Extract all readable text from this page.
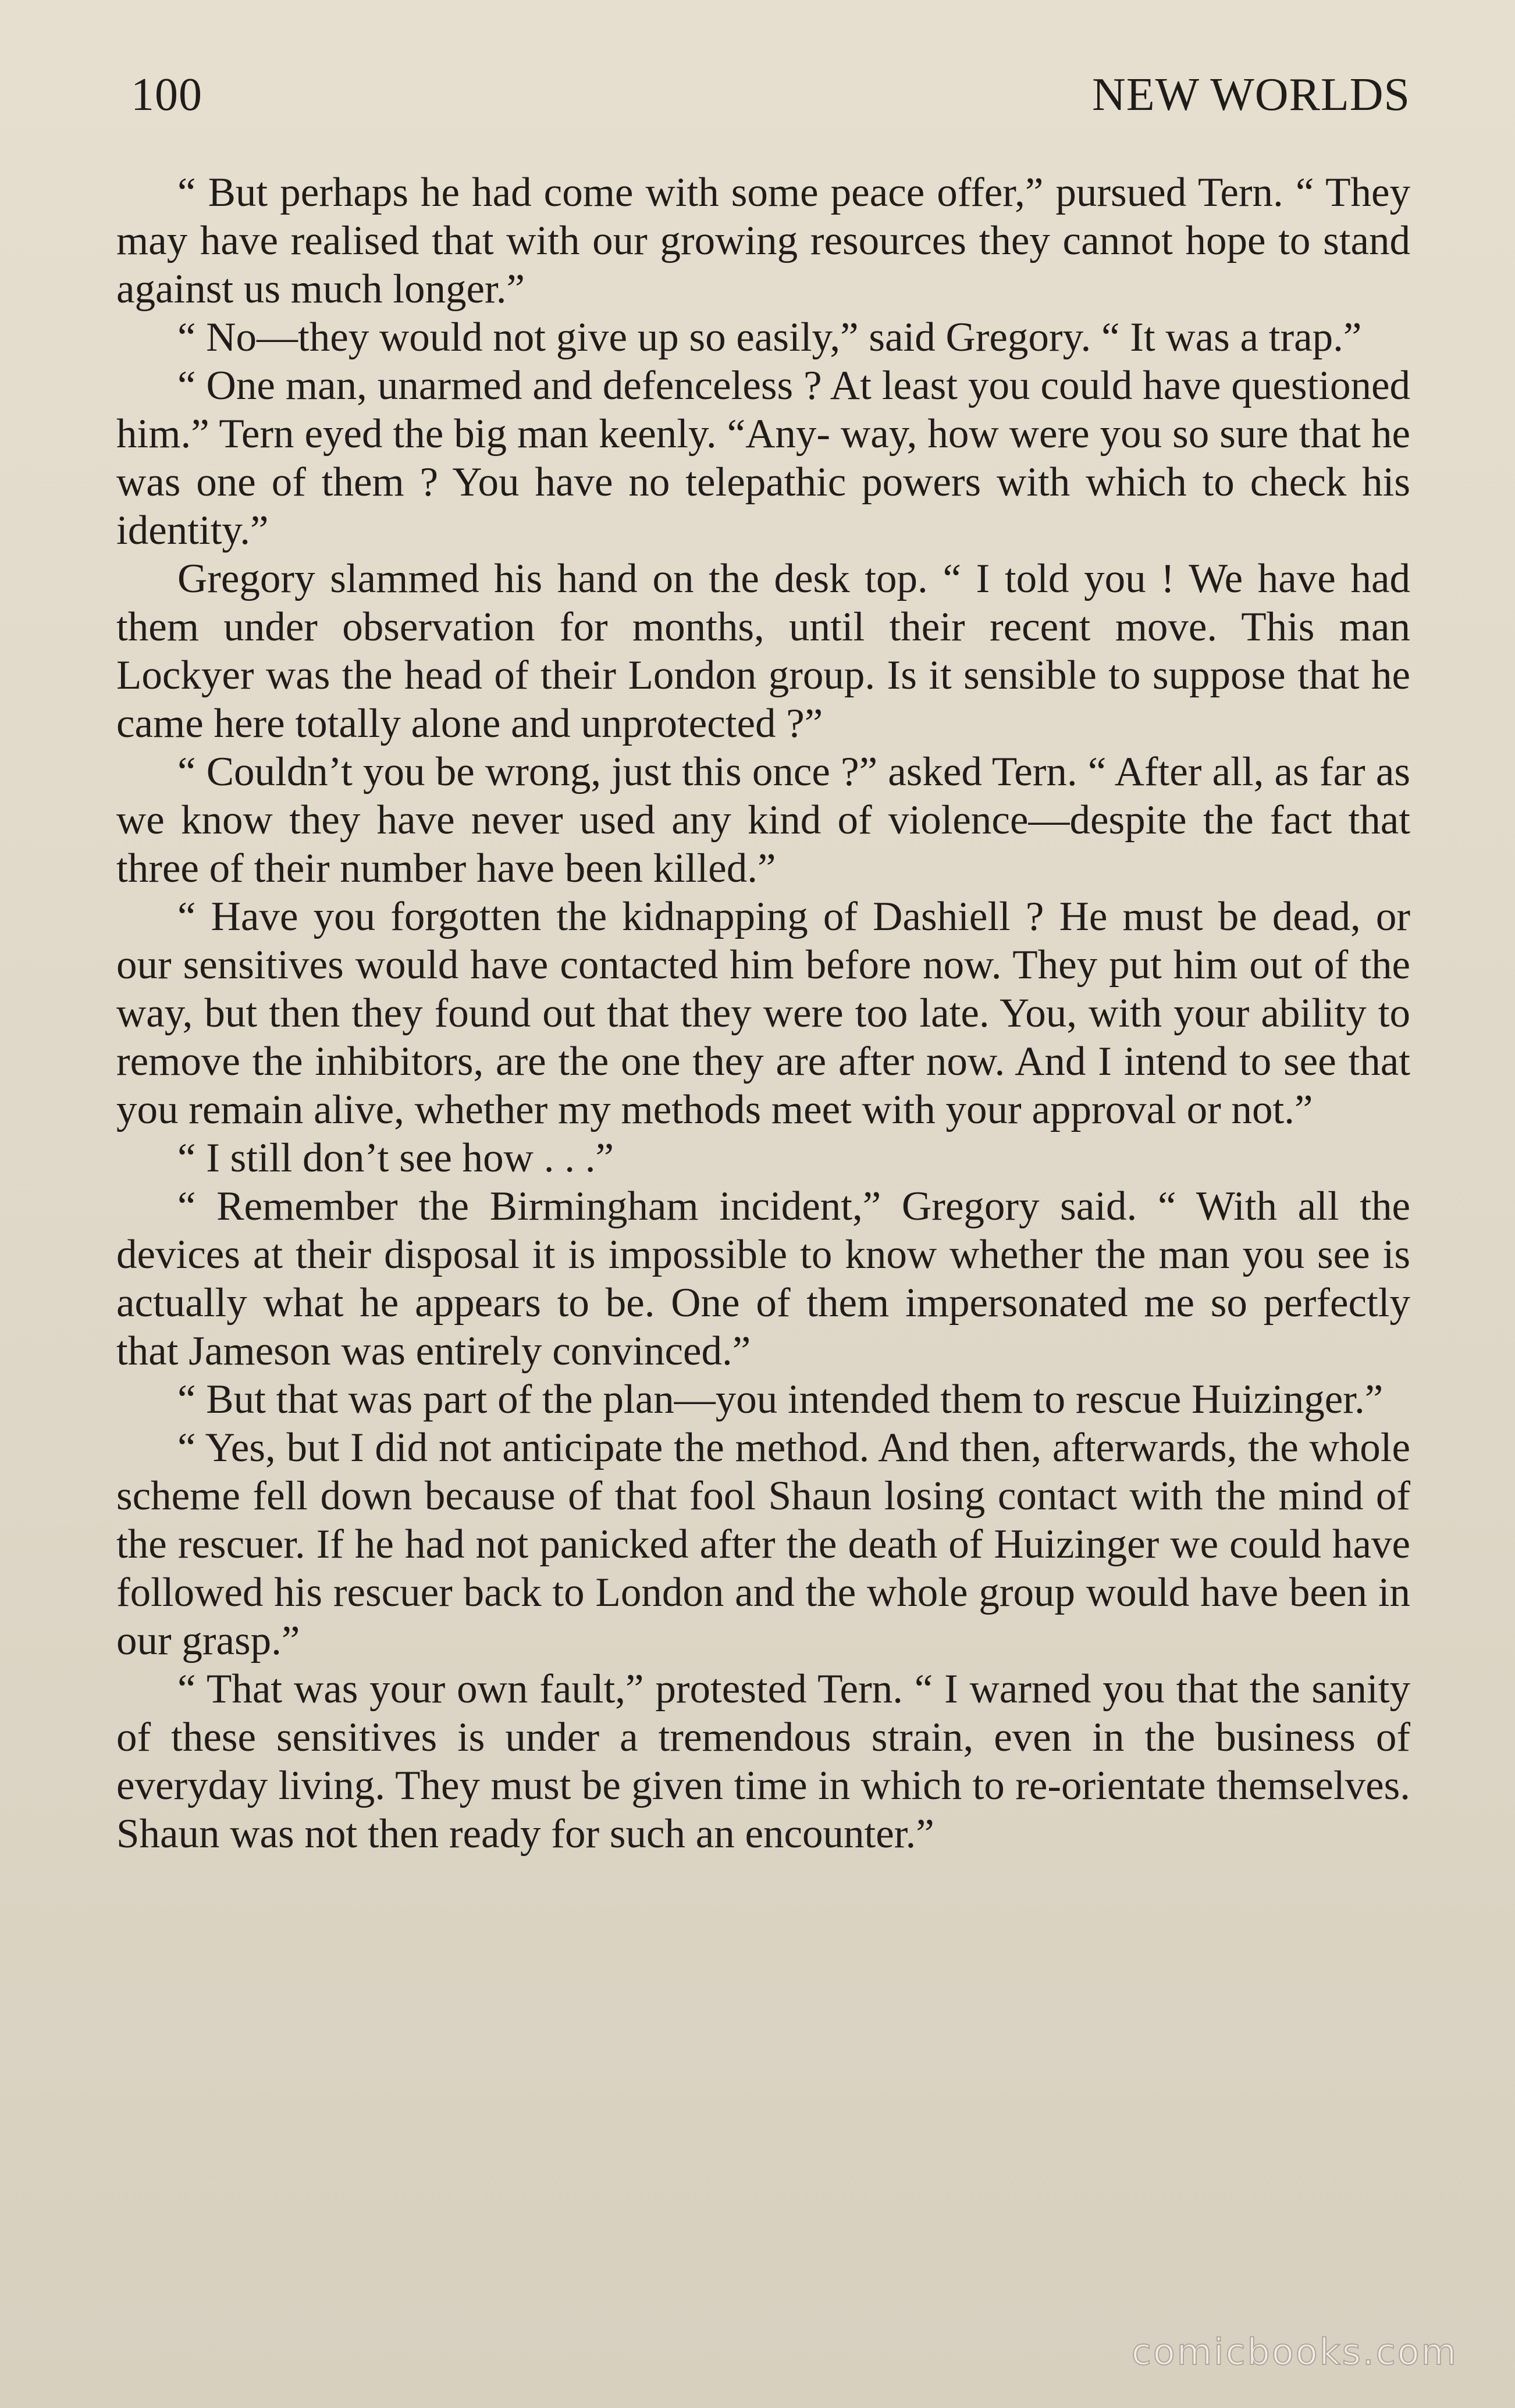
100	NEW WORLDS

“ But perhaps he had come with some peace offer,” pursued Tern. “ They may have realised that with our growing resources they cannot hope to stand against us much longer.”

“ No—they would not give up so easily,” said Gregory. “ It was a trap.”

“ One man, unarmed and defenceless ? At least you could have questioned him.” Tern eyed the big man keenly. “Any- way, how were you so sure that he was one of them ? You have no telepathic powers with which to check his identity.”

Gregory slammed his hand on the desk top. “ I told you ! We have had them under observation for months, until their recent move. This man Lockyer was the head of their London group. Is it sensible to suppose that he came here totally alone and unprotected ?”

“ Couldn’t you be wrong, just this once ?” asked Tern. “ After all, as far as we know they have never used any kind of violence—despite the fact that three of their number have been killed.”

“ Have you forgotten the kidnapping of Dashiell ? He must be dead, or our sensitives would have contacted him before now. They put him out of the way, but then they found out that they were too late. You, with your ability to remove the inhibitors, are the one they are after now. And I intend to see that you remain alive, whether my methods meet with your approval or not.”

“ I still don’t see how . . .”

“ Remember the Birmingham incident,” Gregory said. “ With all the devices at their disposal it is impossible to know whether the man you see is actually what he appears to be. One of them impersonated me so perfectly that Jameson was entirely convinced.”

“ But that was part of the plan—you intended them to rescue Huizinger.”

“ Yes, but I did not anticipate the method. And then, afterwards, the whole scheme fell down because of that fool Shaun losing contact with the mind of the rescuer. If he had not panicked after the death of Huizinger we could have followed his rescuer back to London and the whole group would have been in our grasp.”

“ That was your own fault,” protested Tern. “ I warned you that the sanity of these sensitives is under a tremendous strain, even in the business of everyday living. They must be given time in which to re-orientate themselves. Shaun was not then ready for such an encounter.”

comicbooks.com
